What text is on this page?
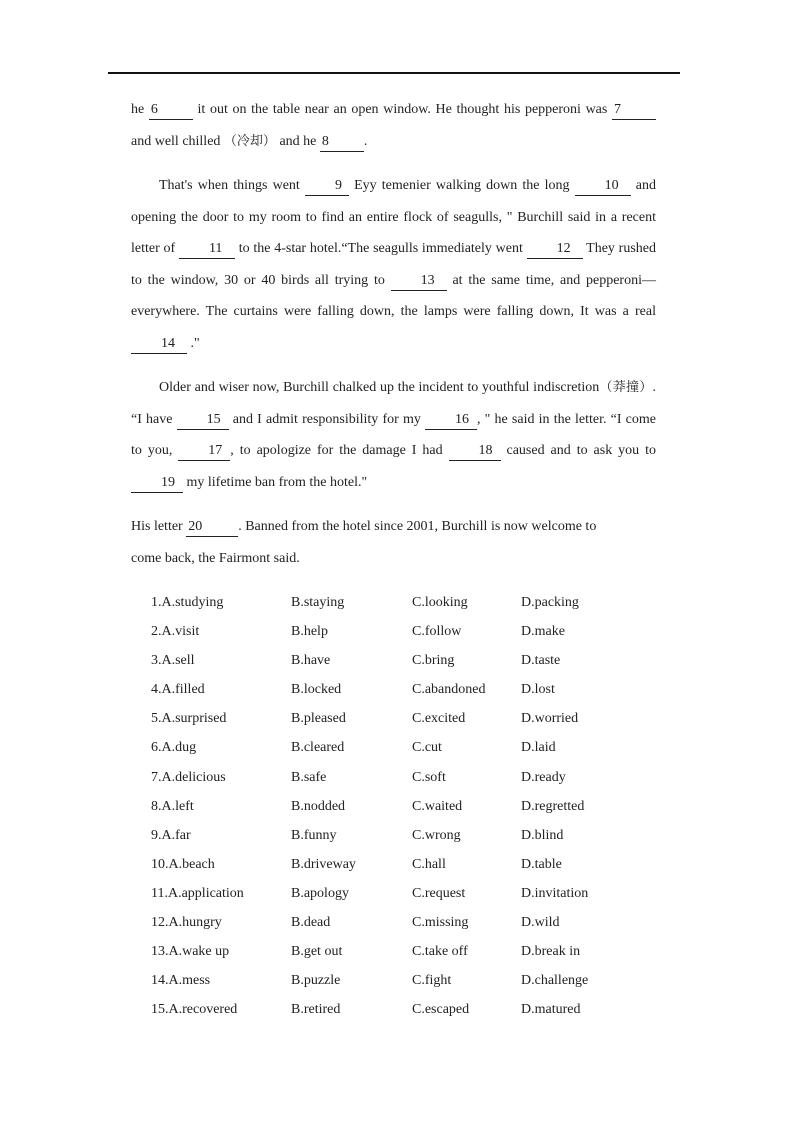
he 6	it out on the table near an open window. He thought his pepperoni was 7 and well chilled （冷却） and he 8	.

That's when things went 9 Eyy temenier walking down the long 10 and opening the door to my room to find an entire flock of seagulls, " Burchill said in a recent letter of 11 to the 4-star hotel.“The seagulls immediately went 12 They rushed to the window, 30 or 40 birds all trying to 13 at the same time, and pepperoni—everywhere. The curtains were falling down, the lamps were falling down, It was a real 14 ."

Older and wiser now, Burchill chalked up the incident to youthful indiscretion（莽撞）. “I have 15 and I admit responsibility for my 16 , " he said in the letter. “I come to you, 17 , to apologize for the damage I had 18 caused and to ask you to 19 my lifetime ban from the hotel."

His letter 20	. Banned from the hotel since 2001, Burchill is now welcome to
come back, the Fairmont said.

1.A.studying	B.staying	C.looking	D.packing
2.A.visit	B.help	C.follow	D.make
3.A.sell	B.have	C.bring	D.taste
4.A.filled	B.locked	C.abandoned	D.lost
5.A.surprised	B.pleased	C.excited	D.worried
6.A.dug	B.cleared	C.cut	D.laid
7.A.delicious	B.safe	C.soft	D.ready
8.A.left	B.nodded	C.waited	D.regretted
9.A.far	B.funny	C.wrong	D.blind
10.A.beach	B.driveway	C.hall	D.table
11.A.application	B.apology	C.request	D.invitation
12.A.hungry	B.dead	C.missing	D.wild
13.A.wake up	B.get out	C.take off	D.break in
14.A.mess	B.puzzle	C.fight	D.challenge
15.A.recovered	B.retired	C.escaped	D.matured
